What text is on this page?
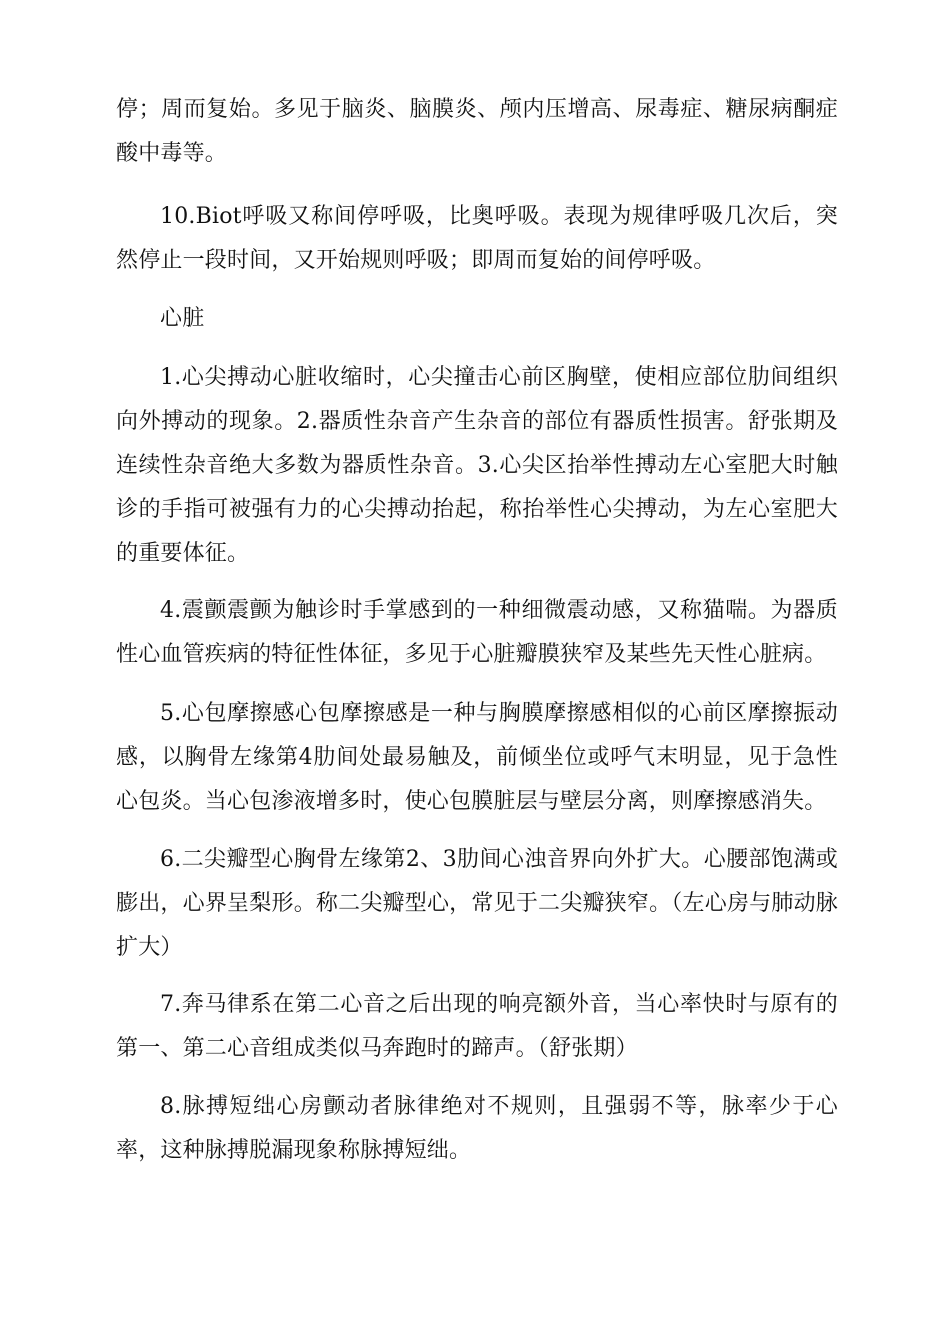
停；周而复始。多见于脑炎、脑膜炎、颅内压增高、尿毒症、糖尿病酮症酸中毒等。

10.Biot呼吸又称间停呼吸，比奥呼吸。表现为规律呼吸几次后，突然停止一段时间，又开始规则呼吸；即周而复始的间停呼吸。

心脏

1.心尖搏动心脏收缩时，心尖撞击心前区胸壁，使相应部位肋间组织向外搏动的现象。2.器质性杂音产生杂音的部位有器质性损害。舒张期及连续性杂音绝大多数为器质性杂音。3.心尖区抬举性搏动左心室肥大时触诊的手指可被强有力的心尖搏动抬起，称抬举性心尖搏动，为左心室肥大的重要体征。

4.震颤震颤为触诊时手掌感到的一种细微震动感，又称猫喘。为器质性心血管疾病的特征性体征，多见于心脏瓣膜狭窄及某些先天性心脏病。

5.心包摩擦感心包摩擦感是一种与胸膜摩擦感相似的心前区摩擦振动感，以胸骨左缘第4肋间处最易触及，前倾坐位或呼气末明显，见于急性心包炎。当心包渗液增多时，使心包膜脏层与壁层分离，则摩擦感消失。

6.二尖瓣型心胸骨左缘第2、3肋间心浊音界向外扩大。心腰部饱满或膨出，心界呈梨形。称二尖瓣型心，常见于二尖瓣狭窄。（左心房与肺动脉扩大）

7.奔马律系在第二心音之后出现的响亮额外音，当心率快时与原有的第一、第二心音组成类似马奔跑时的蹄声。（舒张期）

8.脉搏短绌心房颤动者脉律绝对不规则，且强弱不等，脉率少于心率，这种脉搏脱漏现象称脉搏短绌。
